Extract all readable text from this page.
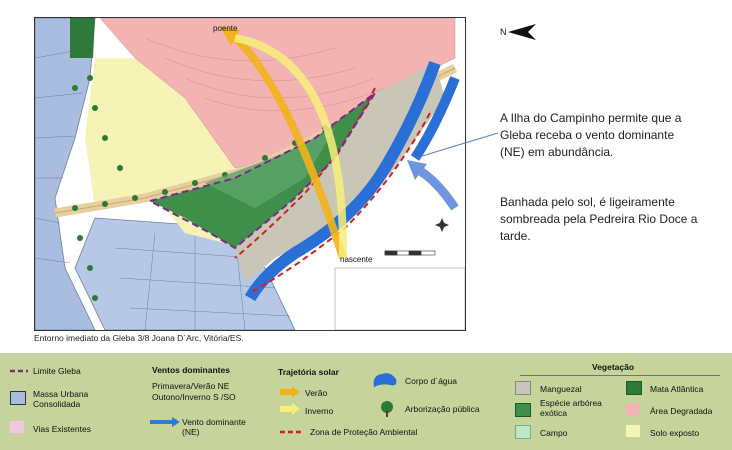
poente
nascente
Entorno imediato da Gleba 3/8 Joana D´Arc, Vitória/ES.
N
A Ilha do Campinho permite que a Gleba receba o vento dominante (NE) em abundância.
Banhada pelo sol, é ligeiramente sombreada pela Pedreira Rio Doce a tarde.
Limite Gleba
Massa Urbana Consolidada
Vias Existentes
Ventos dominantes
Primavera/Verão NE
Outono/Inverno S /SO
Vento dominante (NE)
Trajetória solar
Verão
Inverno
Zona de Proteção Ambiental
Corpo d´água
Arborização pública
Vegetação
Manguezal
Espécie arbórea exótica
Campo
Mata Atlântica
Área Degradada
Solo exposto
